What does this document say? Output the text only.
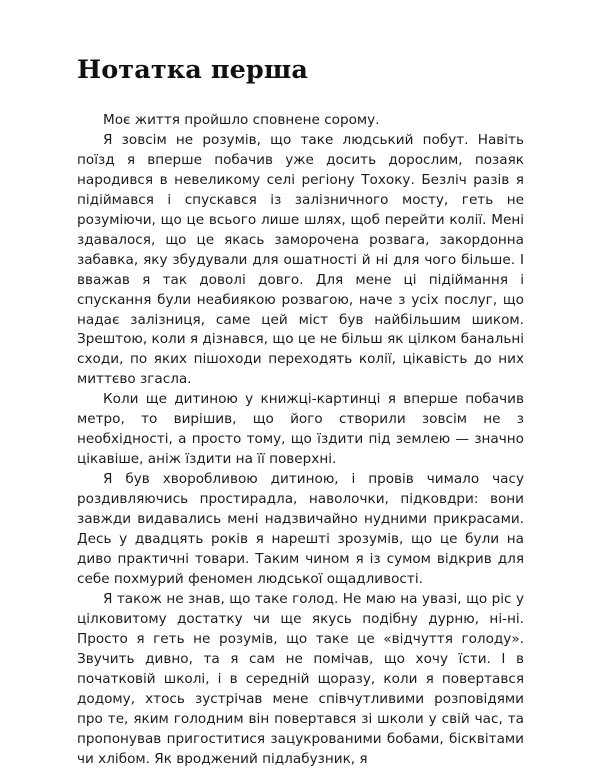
Нотатка перша

Моє життя пройшло сповнене сорому.

Я зовсім не розумів, що таке людський побут. Навіть поїзд я вперше побачив уже досить дорослим, позаяк народився в невеликому селі регіону Тохоку. Безліч разів я підіймався і спускався із залізничного мосту, геть не розуміючи, що це всього лише шлях, щоб перейти колії. Мені здавалося, що це якась заморочена розвага, закордонна забавка, яку збудували для ошатності й ні для чого більше. І вважав я так доволі довго. Для мене ці підіймання і спускання були неабиякою розвагою, наче з усіх послуг, що надає залізниця, саме цей міст був найбільшим шиком. Зрештою, коли я дізнався, що це не більш як цілком банальні сходи, по яких пішоходи переходять колії, цікавість до них миттєво згасла.

Коли ще дитиною у книжці-картинці я вперше побачив метро, то вирішив, що його створили зовсім не з необхідності, а просто тому, що їздити під землею — значно цікавіше, аніж їздити на її поверхні.

Я був хворобливою дитиною, і провів чимало часу роздивляючись простирадла, наволочки, підковдри: вони завжди видавались мені надзвичайно нудними прикрасами. Десь у двадцять років я нарешті зрозумів, що це були на диво практичні товари. Таким чином я із сумом відкрив для себе похмурий феномен людської ощадливості.

Я також не знав, що таке голод. Не маю на увазі, що ріс у цілковитому достатку чи ще якусь подібну дурню, ні-ні. Просто я геть не розумів, що таке це «відчуття голоду». Звучить дивно, та я сам не помічав, що хочу їсти. І в початковій школі, і в середній щоразу, коли я повертався додому, хтось зустрічав мене співчутливими розповідями про те, яким голодним він повертався зі школи у свій час, та пропонував пригоститися зацукрованими бобами, бісквітами чи хлібом. Як вроджений підлабузник, я
